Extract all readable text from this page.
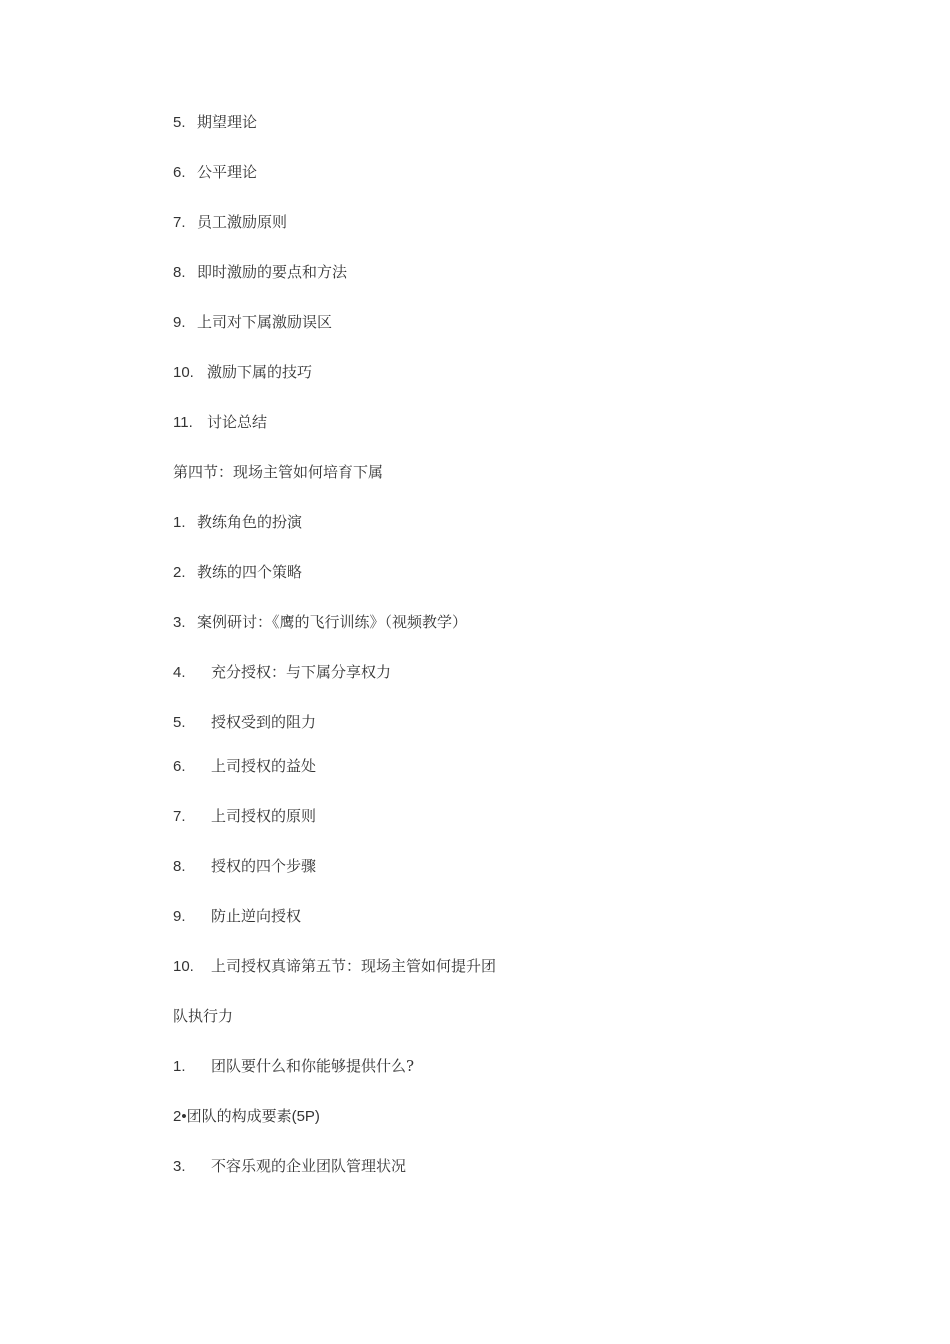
5. 期望理论
6. 公平理论
7. 员工激励原则
8. 即时激励的要点和方法
9. 上司对下属激励误区
10. 激励下属的技巧
11. 讨论总结
第四节：现场主管如何培育下属
1. 教练角色的扮演
2. 教练的四个策略
3. 案例研讨：《鹰的飞行训练》（视频教学）
4. 充分授权：与下属分享权力
5. 授权受到的阻力
6. 上司授权的益处
7. 上司授权的原则
8. 授权的四个步骤
9. 防止逆向授权
10. 上司授权真谛第五节：现场主管如何提升团
队执行力
1. 团队要什么和你能够提供什么?
2•团队的构成要素(5P)
3. 不容乐观的企业团队管理状况
